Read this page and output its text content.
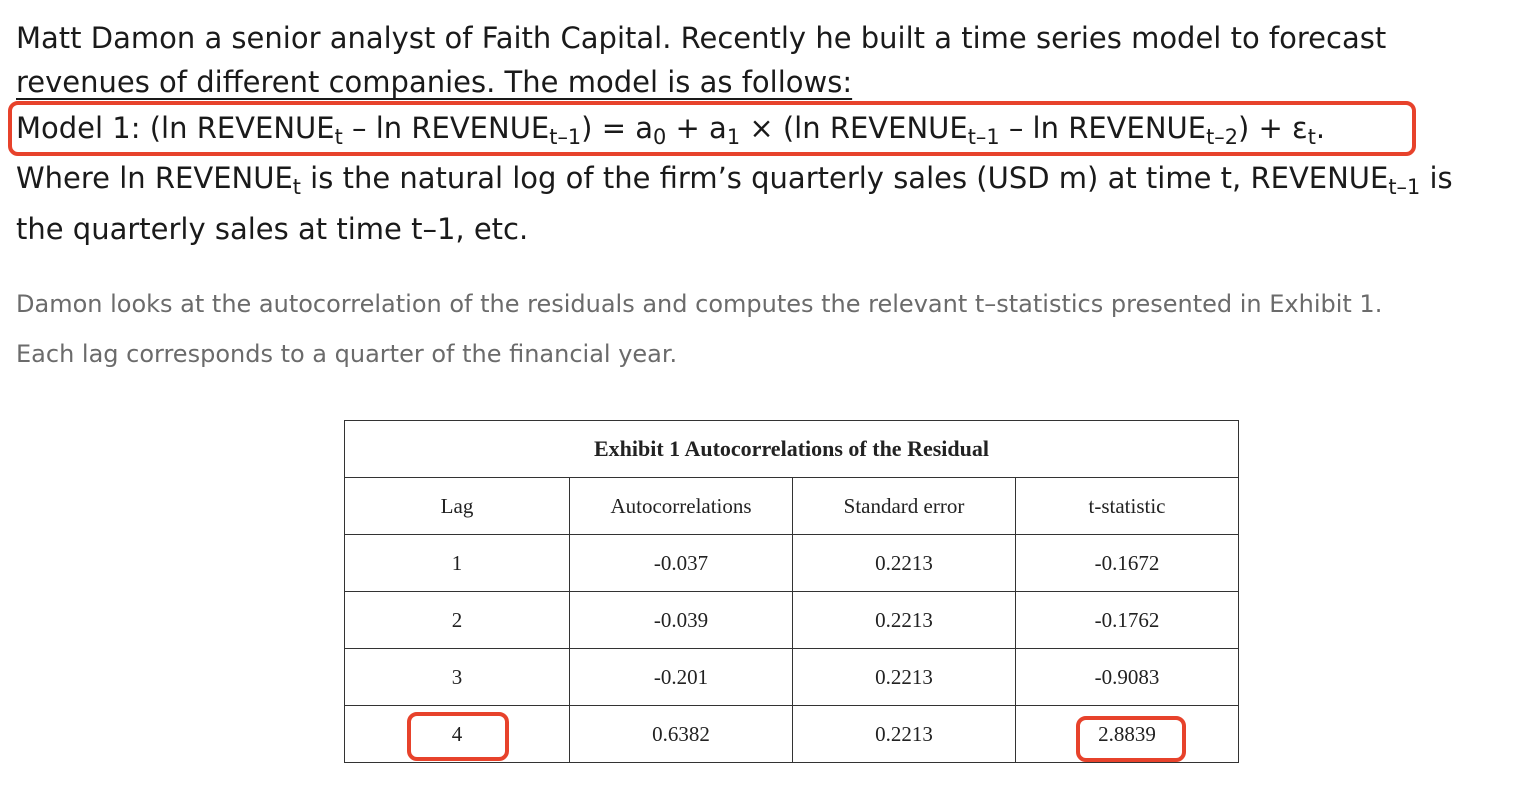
Matt Damon a senior analyst of Faith Capital. Recently he built a time series model to forecast
revenues of different companies. The model is as follows:
Model 1: (ln $REVENUE_t$ – $\ln REVENUE_{t-1}) = a_0 + a_1 \times (\ln$ $REVENUE_{t-1}$ – $\ln REVENUE_{t-2}) + \varepsilon_t$.
Where $\ln REVENUE_t$ is the natural log of the firm’s quarterly sales (USD m) at time t, $REVENUE_{t-1}$ is
the quarterly sales at time t–1, etc.
Damon looks at the autocorrelation of the residuals and computes the relevant t–statistics presented in Exhibit 1.
Each lag corresponds to a quarter of the financial year.
Exhibit 1 Autocorrelations of the Residual			
Lag	Autocorrelations	Standard error	t-statistic
1	-0.037	0.2213	-0.1672
2	-0.039	0.2213	-0.1762
3	-0.201	0.2213	-0.9083
4	0.6382	0.2213	2.8839
